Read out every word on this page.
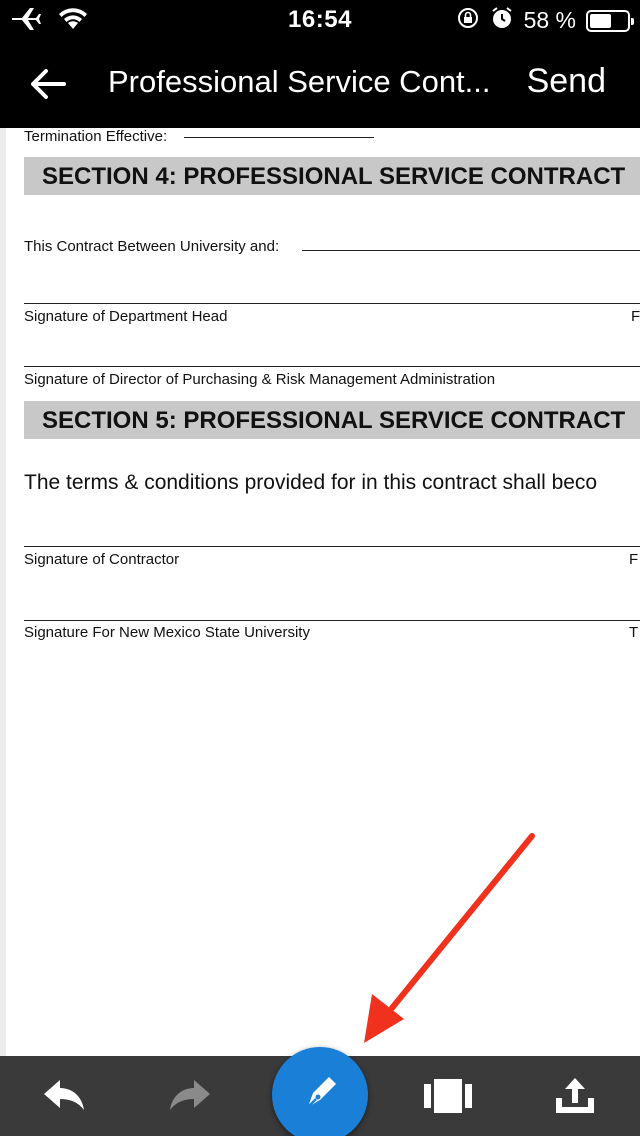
16:54	58 %
Professional Service Cont...	Send
Termination Effective:
SECTION 4: PROFESSIONAL SERVICE CONTRACT
This Contract Between University and:
Signature of Department Head	F
Signature of Director of Purchasing & Risk Management Administration
SECTION 5: PROFESSIONAL SERVICE CONTRACT
The terms & conditions provided for in this contract shall beco
Signature of Contractor	F
Signature For New Mexico State University	T
